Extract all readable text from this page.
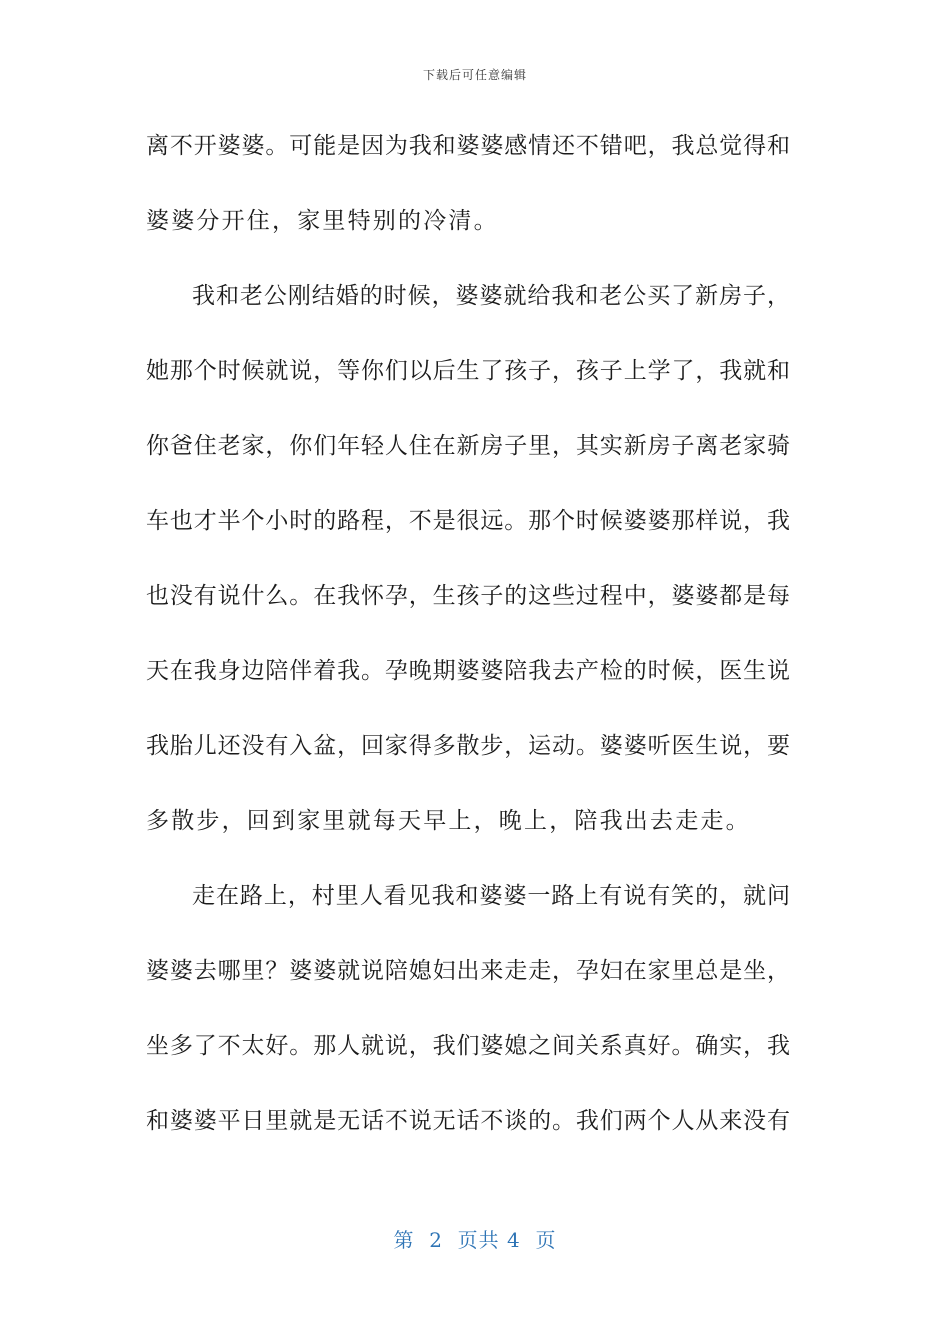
下载后可任意编辑
离不开婆婆。可能是因为我和婆婆感情还不错吧，我总觉得和
婆婆分开住，家里特别的冷清。
我和老公刚结婚的时候，婆婆就给我和老公买了新房子，
她那个时候就说，等你们以后生了孩子，孩子上学了，我就和
你爸住老家，你们年轻人住在新房子里，其实新房子离老家骑
车也才半个小时的路程，不是很远。那个时候婆婆那样说，我
也没有说什么。在我怀孕，生孩子的这些过程中，婆婆都是每
天在我身边陪伴着我。孕晚期婆婆陪我去产检的时候，医生说
我胎儿还没有入盆，回家得多散步，运动。婆婆听医生说，要
多散步，回到家里就每天早上，晚上，陪我出去走走。
走在路上，村里人看见我和婆婆一路上有说有笑的，就问
婆婆去哪里？婆婆就说陪媳妇出来走走，孕妇在家里总是坐，
坐多了不太好。那人就说，我们婆媳之间关系真好。确实，我
和婆婆平日里就是无话不说无话不谈的。我们两个人从来没有
第  2  页共 4  页
